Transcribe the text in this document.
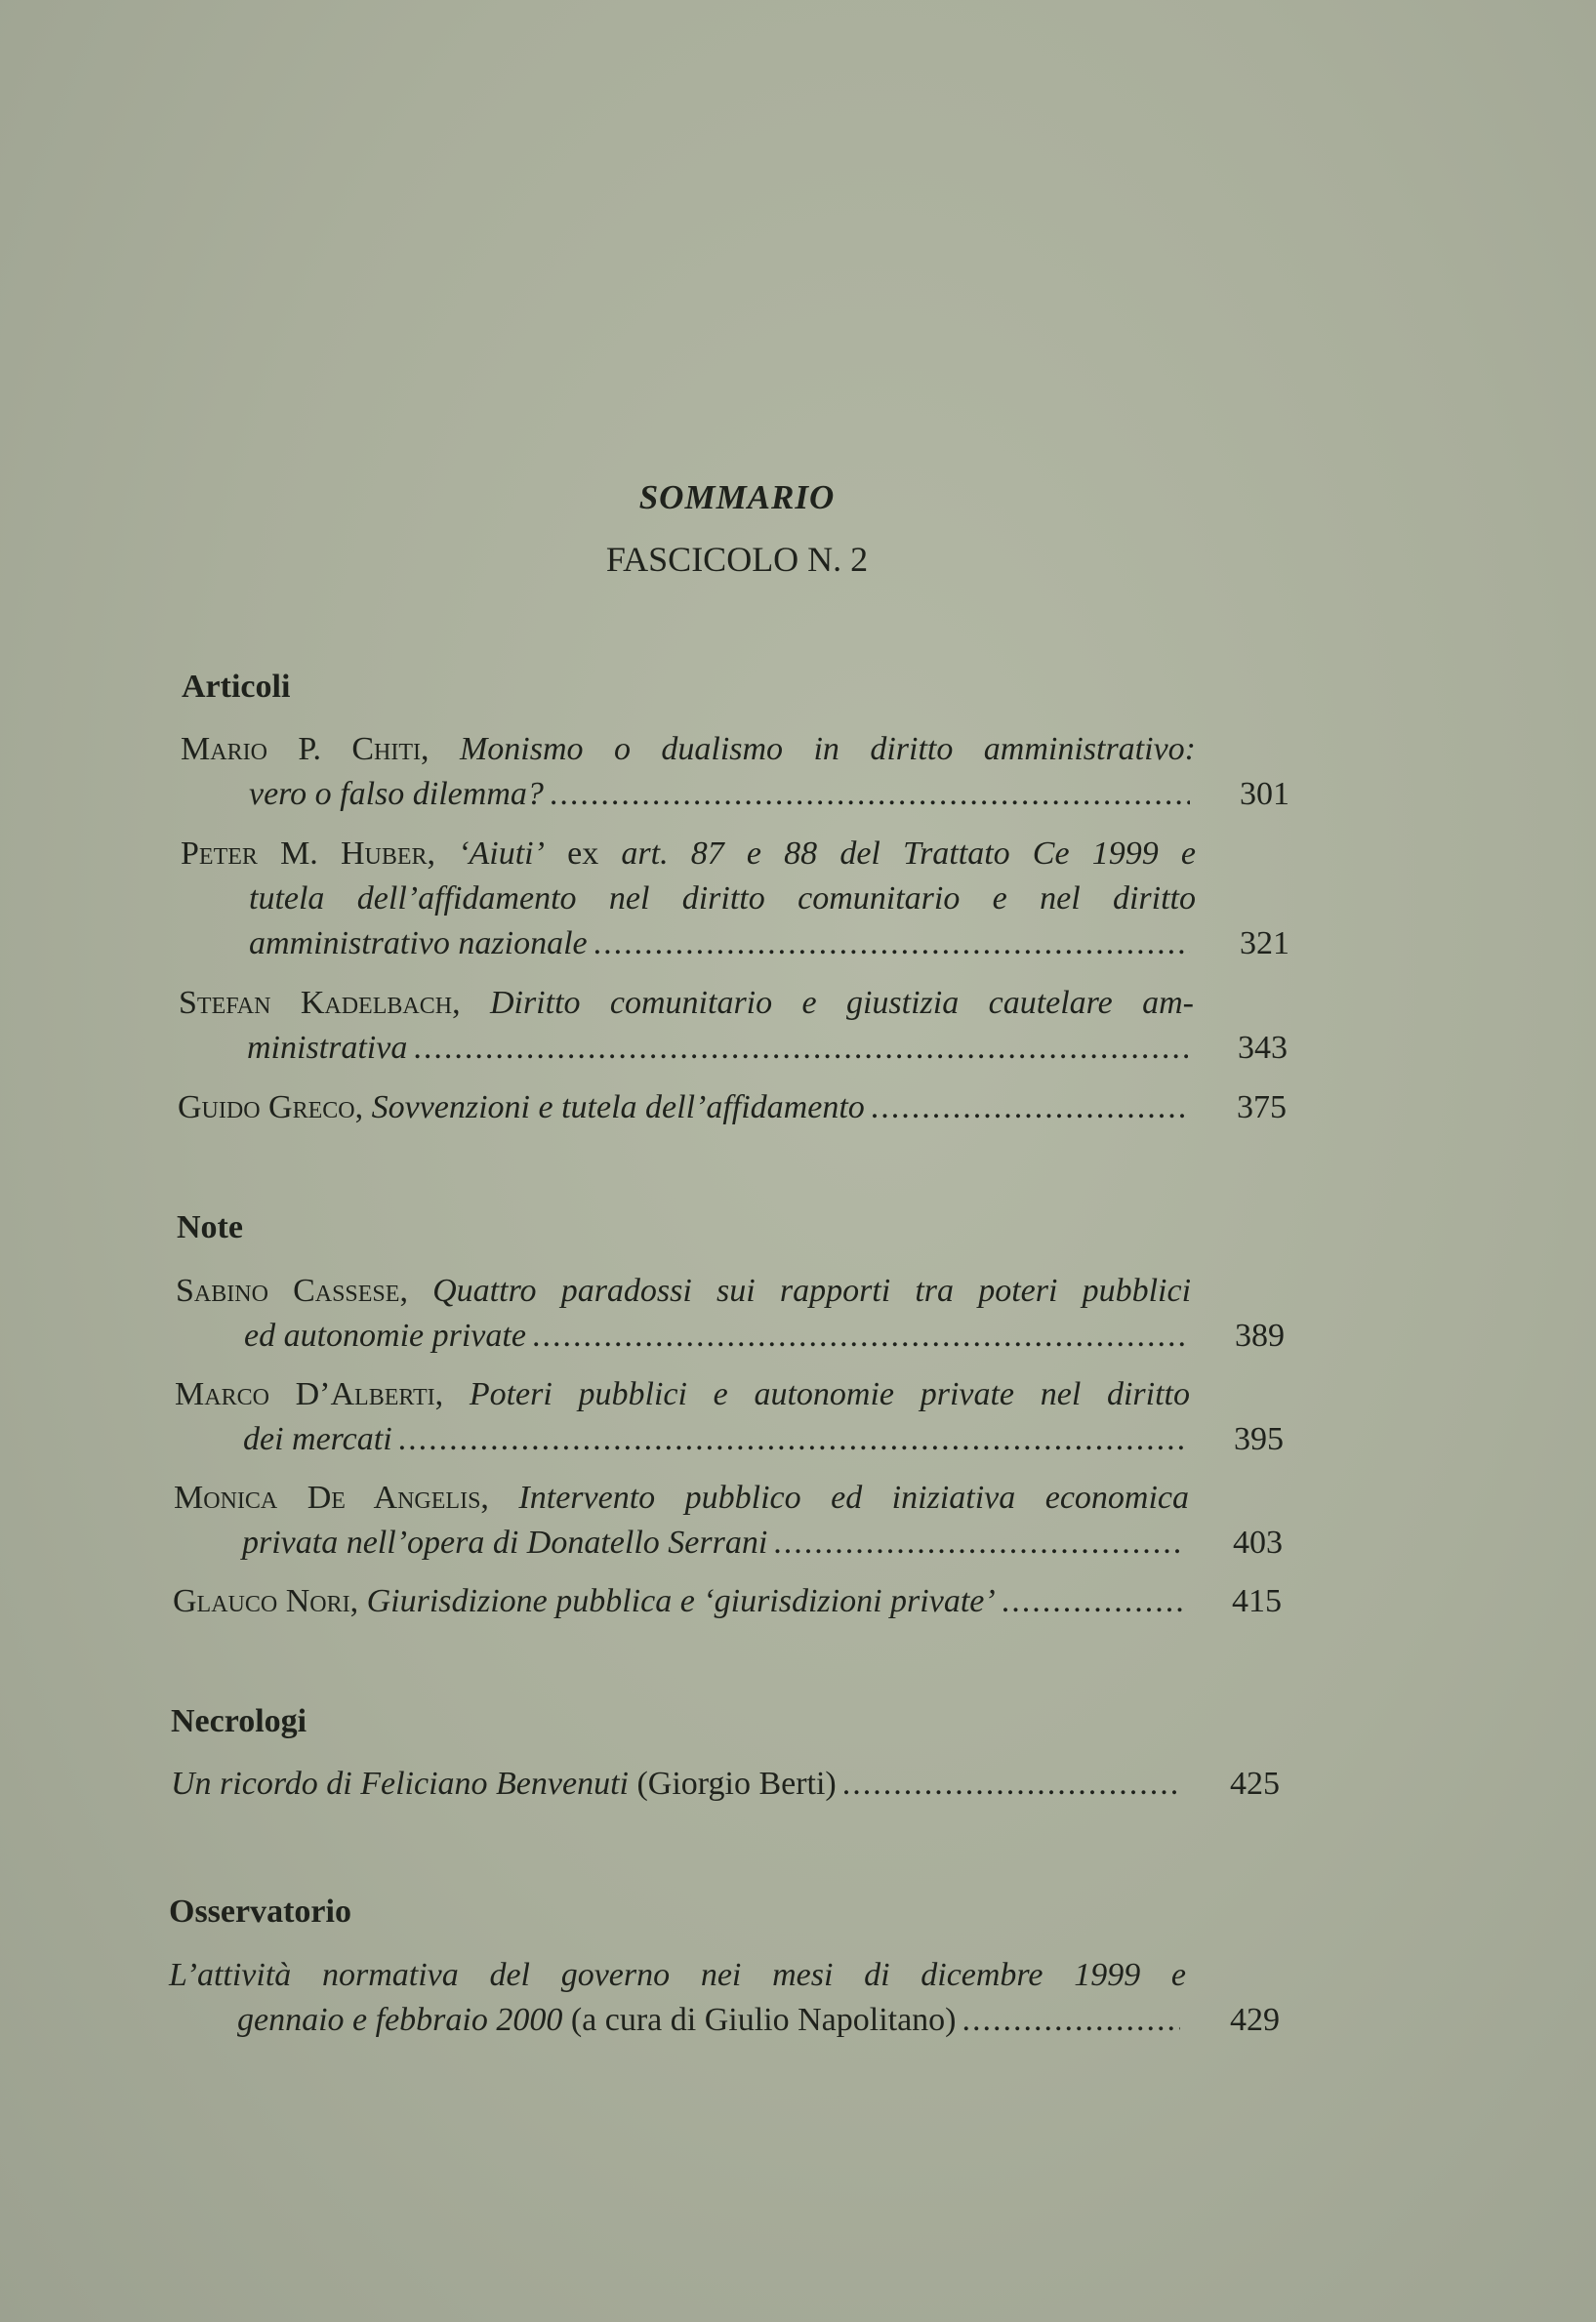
SOMMARIO
FASCICOLO N. 2
Articoli
Mario P. Chiti, Monismo o dualismo in diritto amministrativo:
vero o falso dilemma? .....	301
Peter M. Huber, ‘Aiuti’ ex art. 87 e 88 del Trattato Ce 1999 e
tutela dell’affidamento nel diritto comunitario e nel diritto
amministrativo nazionale .....	321
Stefan Kadelbach, Diritto comunitario e giustizia cautelare am-
ministrativa .....	343
Guido Greco, Sovvenzioni e tutela dell’affidamento .....	375
Note
Sabino Cassese, Quattro paradossi sui rapporti tra poteri pubblici
ed autonomie private .....	389
Marco D’Alberti, Poteri pubblici e autonomie private nel diritto
dei mercati .....	395
Monica De Angelis, Intervento pubblico ed iniziativa economica
privata nell’opera di Donatello Serrani .....	403
Glauco Nori, Giurisdizione pubblica e ‘giurisdizioni private’ .....	415
Necrologi
Un ricordo di Feliciano Benvenuti (Giorgio Berti) .....	425
Osservatorio
L’attività normativa del governo nei mesi di dicembre 1999 e
gennaio e febbraio 2000 (a cura di Giulio Napolitano) .....	429
